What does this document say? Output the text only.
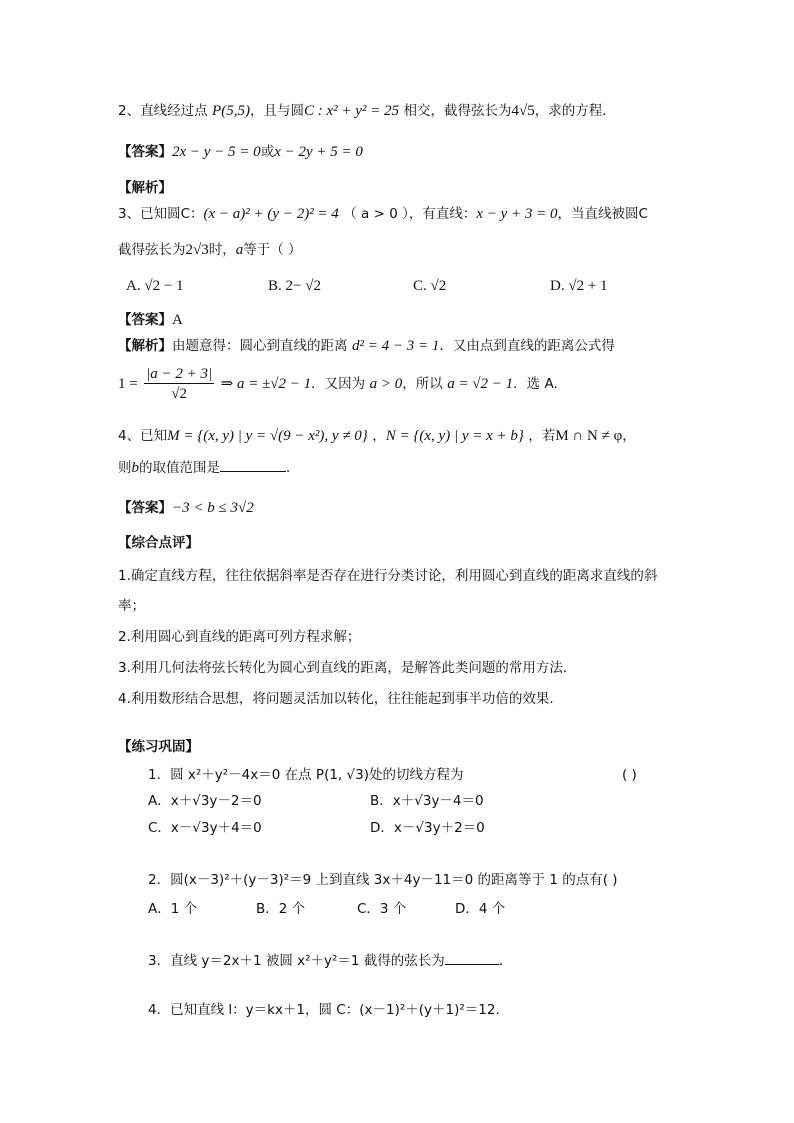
2、直线经过点 P(5,5)，且与圆C : x² + y² = 25 相交，截得弦长为4√5，求的方程．
【答案】2x − y − 5 = 0或x − 2y + 5 = 0
【解析】
3、已知圆C：(x − a)² + (y − 2)² = 4 （ a > 0 ），有直线：x − y + 3 = 0，当直线被圆C
截得弦长为2√3时，a等于（ ）
A. √2 − 1	B. 2− √2	C. √2	D. √2 + 1
【答案】A
【解析】由题意得：圆心到直线的距离 d² = 4 − 3 = 1．又由点到直线的距离公式得
$1 = \frac{|a - 2 + 3|}{√2}$ ⇒ a = ±√2 − 1．又因为 a > 0，所以 a = √2 − 1．选 A.
4、已知M = {(x, y) | y = √(9 − x²), y ≠ 0} ，N = {(x, y) | y = x + b} ，若M ∩ N ≠ φ，
则b的取值范围是	．
【答案】−3 < b ≤ 3√2
【综合点评】
1.确定直线方程，往往依据斜率是否存在进行分类讨论，利用圆心到直线的距离求直线的斜
率；
2.利用圆心到直线的距离可列方程求解；
3.利用几何法将弦长转化为圆心到直线的距离，是解答此类问题的常用方法．
4.利用数形结合思想，将问题灵活加以转化，往往能起到事半功倍的效果.
【练习巩固】
1．圆 x²＋y²－4x＝0 在点 P(1, √3)处的切线方程为	( )
A．x＋√3y－2＝0	B．x＋√3y－4＝0
C．x－√3y＋4＝0	D．x－√3y＋2＝0
2．圆(x－3)²＋(y－3)²＝9 上到直线 3x＋4y－11＝0 的距离等于 1 的点有( )
A．1 个	B．2 个	C．3 个	D．4 个
3．直线 y＝2x＋1 被圆 x²＋y²＝1 截得的弦长为	．
4．已知直线 l：y＝kx＋1，圆 C：(x－1)²＋(y＋1)²＝12.
